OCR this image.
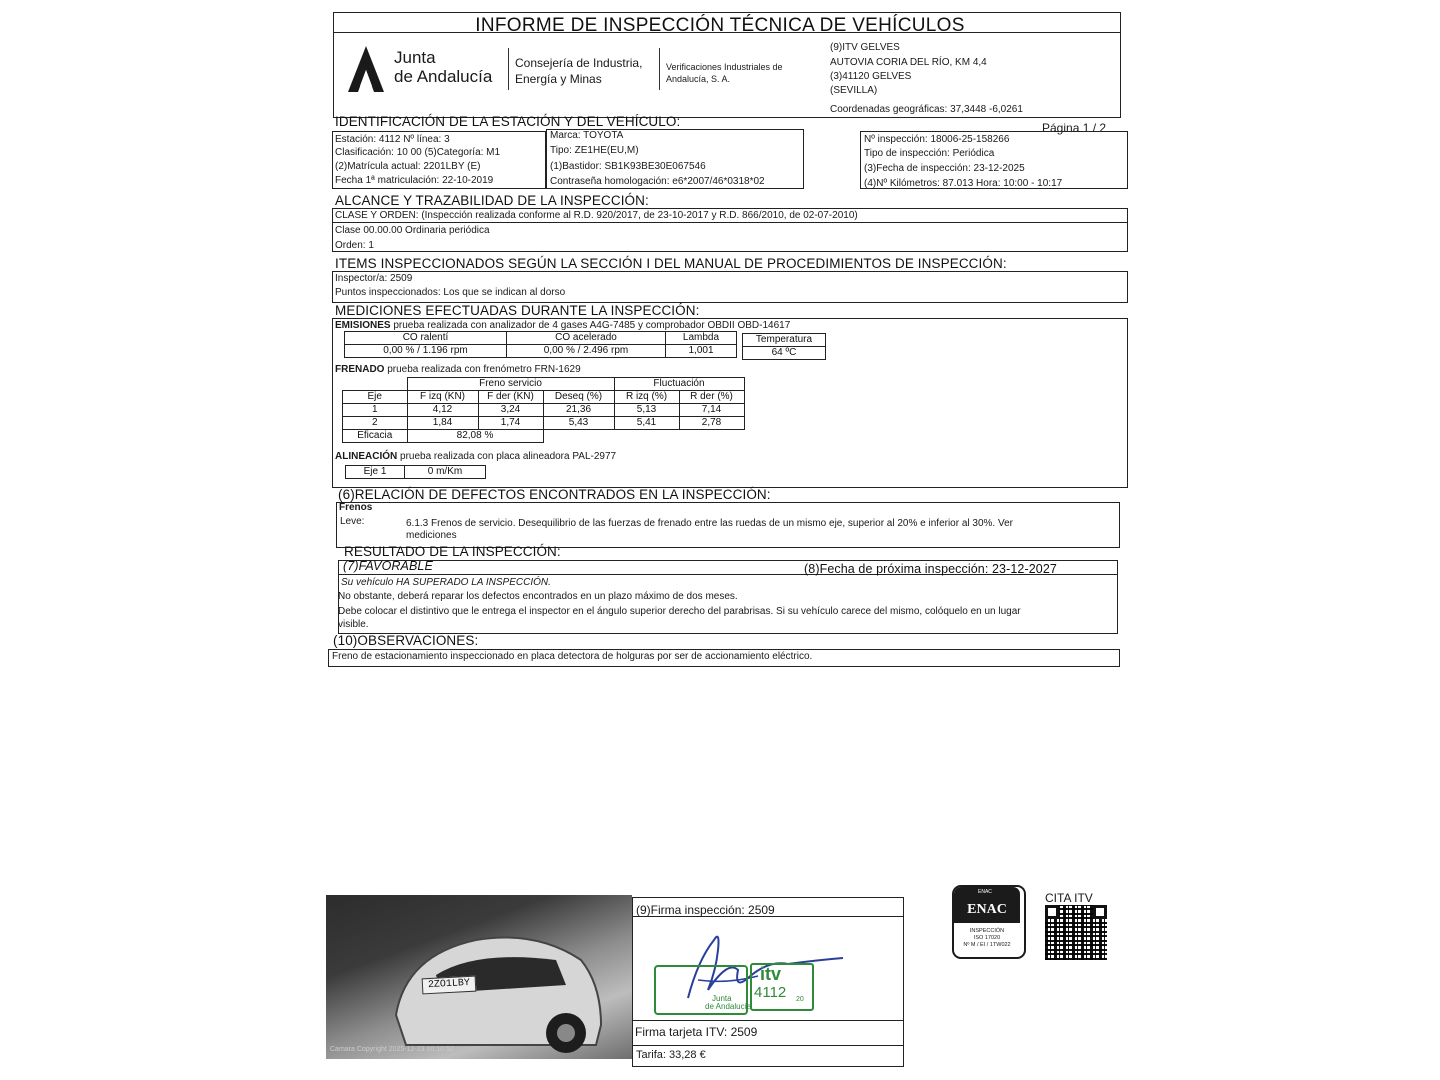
INFORME DE INSPECCIÓN TÉCNICA DE VEHÍCULOS
Junta
de Andalucía
Consejería de Industria,
Energía y Minas
Verificaciones Industriales de
Andalucía, S. A.
(9)ITV GELVES
AUTOVIA CORIA DEL RÍO, KM 4,4
(3)41120 GELVES
(SEVILLA)
Coordenadas geográficas: 37,3448 -6,0261
IDENTIFICACIÓN DE LA ESTACIÓN Y DEL VEHÍCULO:	Página 1 / 2
Estación: 4112 Nº línea: 3
Clasificación: 10 00 (5)Categoría: M1
(2)Matrícula actual: 2201LBY (E)
Fecha 1ª matriculación: 22-10-2019
Marca: TOYOTA
Tipo: ZE1HE(EU,M)
(1)Bastidor: SB1K93BE30E067546
Contraseña homologación: e6*2007/46*0318*02
Nº inspección: 18006-25-158266
Tipo de inspección: Periódica
(3)Fecha de inspección: 23-12-2025
(4)Nº Kilómetros: 87.013 Hora: 10:00 - 10:17
ALCANCE Y TRAZABILIDAD DE LA INSPECCIÓN:
CLASE Y ORDEN: (Inspección realizada conforme al R.D. 920/2017, de 23-10-2017 y R.D. 866/2010, de 02-07-2010)
Clase 00.00.00 Ordinaria periódica
Orden: 1
ITEMS INSPECCIONADOS SEGÚN LA SECCIÓN I DEL MANUAL DE PROCEDIMIENTOS DE INSPECCIÓN:
Inspector/a: 2509
Puntos inspeccionados: Los que se indican al dorso
MEDICIONES EFECTUADAS DURANTE LA INSPECCIÓN:
EMISIONES prueba realizada con analizador de 4 gases A4G-7485 y comprobador OBDII OBD-14617
CO ralentí	CO acelerado	Lambda
0,00 % / 1.196 rpm	0,00 % / 2.496 rpm	1,001
Temperatura
64 ºC
FRENADO prueba realizada con frenómetro FRN-1629
	Freno servicio			Fluctuación	
Eje	F izq (KN)	F der (KN)	Deseq (%)	R izq (%)	R der (%)
1	4,12	3,24	21,36	5,13	7,14
2	1,84	1,74	5,43	5,41	2,78
Eficacia	82,08 %				
ALINEACIÓN prueba realizada con placa alineadora PAL-2977
Eje 1	0 m/Km
(6)RELACIÓN DE DEFECTOS ENCONTRADOS EN LA INSPECCIÓN:
Frenos
Leve:	6.1.3 Frenos de servicio. Desequilibrio de las fuerzas de frenado entre las ruedas de un mismo eje, superior al 20% e inferior al 30%. Ver
mediciones
RESULTADO DE LA INSPECCIÓN:
(7)FAVORABLE	(8)Fecha de próxima inspección: 23-12-2027
Su vehículo HA SUPERADO LA INSPECCIÓN.
No obstante, deberá reparar los defectos encontrados en un plazo máximo de dos meses.
Debe colocar el distintivo que le entrega el inspector en el ángulo superior derecho del parabrisas. Si su vehículo carece del mismo, colóquelo en un lugar
visible.
(10)OBSERVACIONES:
Freno de estacionamiento inspeccionado en placa detectora de holguras por ser de accionamiento eléctrico.
2ZO1LBY
Camara Copyright 2025-12-23 10:10:52
(9)Firma inspección: 2509
Junta
de Andalucía
itv
4112 20
Firma tarjeta ITV: 2509
Tarifa: 33,28 €
ENAC
ENAC
INSPECCIÓN
ISO 17020
Nº M / EI / 1TW022
CITA ITV
